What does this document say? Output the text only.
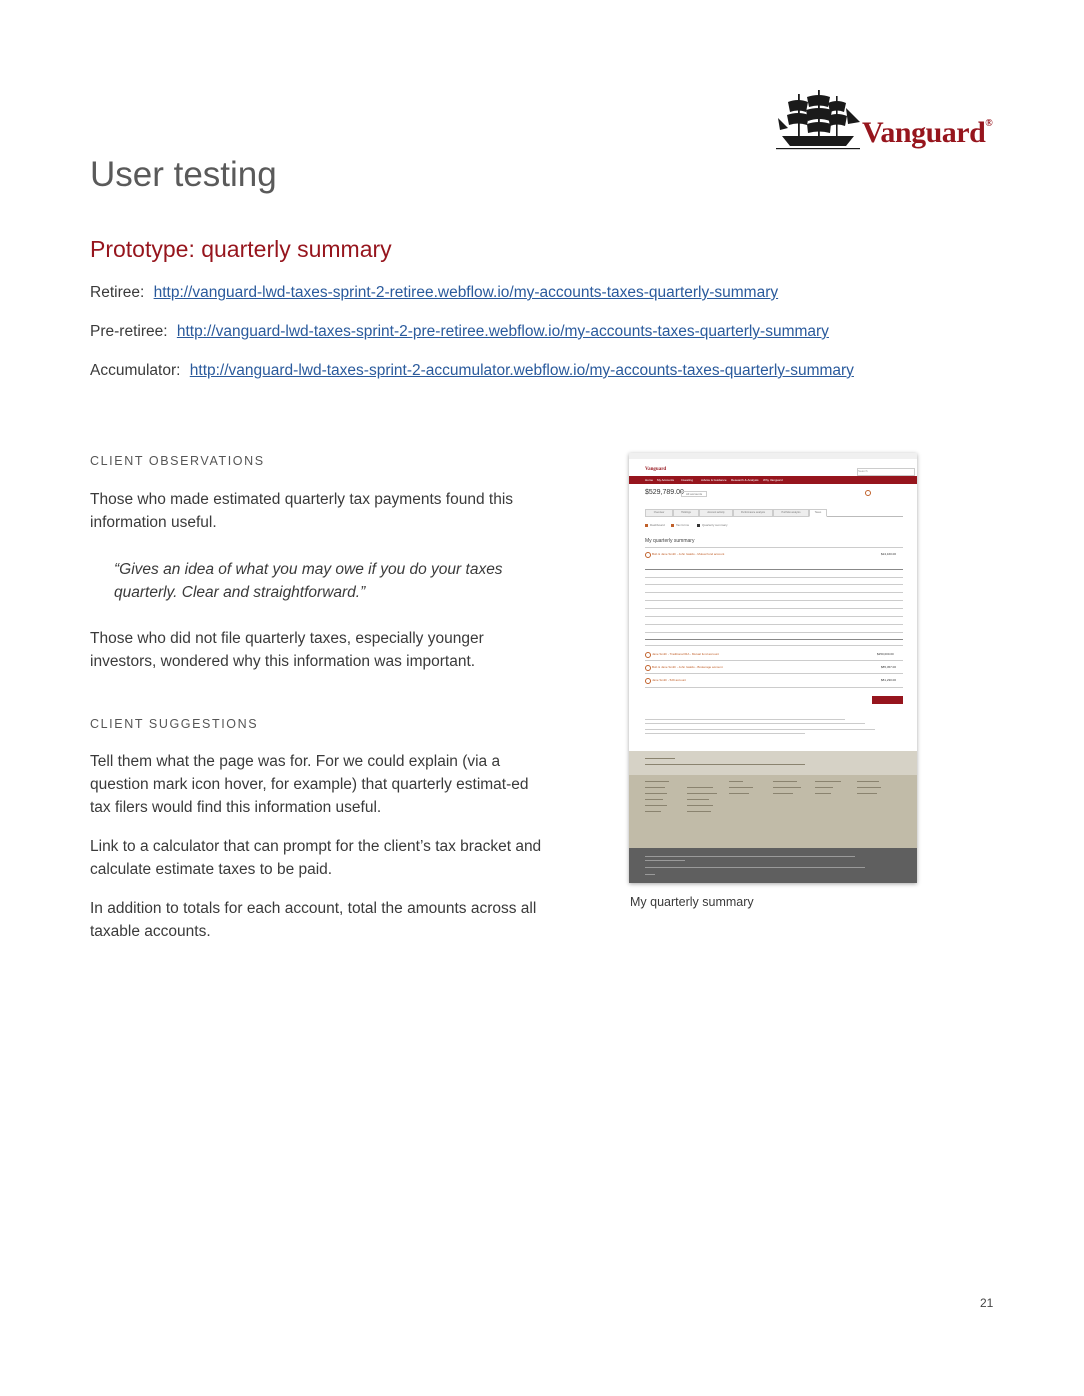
Vanguard®
User testing
Prototype: quarterly summary
Retiree: http://vanguard-lwd-taxes-sprint-2-retiree.webflow.io/my-accounts-taxes-quarterly-summary
Pre-retiree: http://vanguard-lwd-taxes-sprint-2-pre-retiree.webflow.io/my-accounts-taxes-quarterly-summary
Accumulator: http://vanguard-lwd-taxes-sprint-2-accumulator.webflow.io/my-accounts-taxes-quarterly-summary
CLIENT OBSERVATIONS

Those who made estimated quarterly tax payments found this information useful.

“Gives an idea of what you may owe if you do your taxes quarterly. Clear and straightforward.”

Those who did not file quarterly taxes, especially younger investors, wondered why this information was important.

CLIENT SUGGESTIONS

Tell them what the page was for. For we could explain (via a question mark icon hover, for example) that quarterly estimat-ed tax filers would find this information useful.

Link to a calculator that can prompt for the client’s tax bracket and calculate estimate taxes to be paid.

In addition to totals for each account, total the amounts across all taxable accounts.

Vanguard	Search
Home My Accounts Investing	Advice & Guidance Research & Analysis Why Vanguard
$529,789.00 All accounts
Overview	Holdings	Account activity	Performance analysis	Portfolio analysis	Taxes
Dashboard	Tax forms	Quarterly summary
My quarterly summary
Bob & Jane Smith - John Iwaldo - Mutual fund account	$24,160.00
Jane Smith - Traditional IRA - Mutual fund account	$250,000.00
Bob & Jane Smith - John Iwaldo - Brokerage account	$85,457.00
Jane Smith - 529 account	$81,230.00
My quarterly summary
21
